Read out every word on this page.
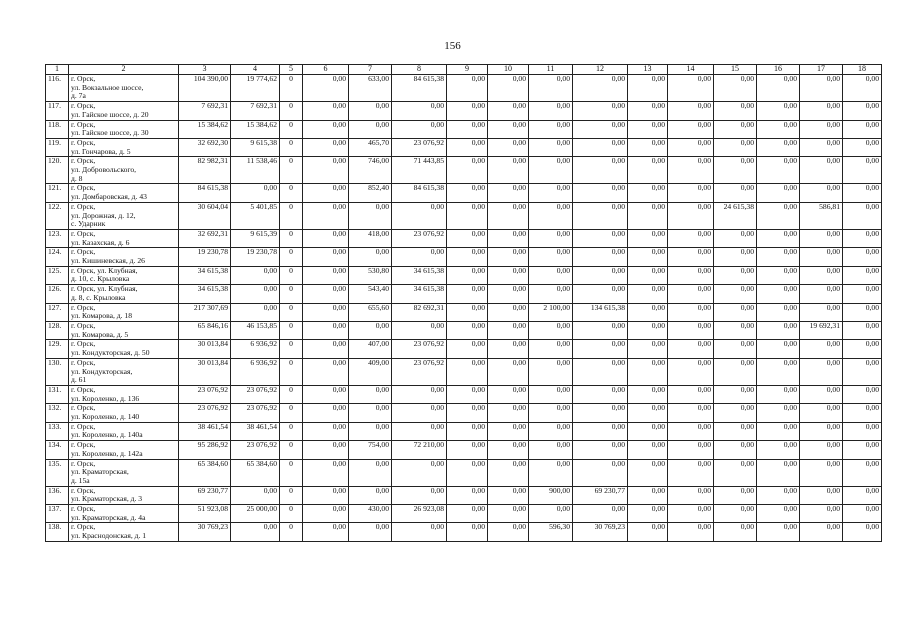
156
1	2	3	4	5	6	7	8	9	10	11	12	13	14	15	16	17	18
116.	г. Орск,
ул. Вокзальное шоссе,
д. 7а	104 390,00	19 774,62	0	0,00	633,00	84 615,38	0,00	0,00	0,00	0,00	0,00	0,00	0,00	0,00	0,00	0,00
117.	г. Орск,
ул. Гайское шоссе, д. 20	7 692,31	7 692,31	0	0,00	0,00	0,00	0,00	0,00	0,00	0,00	0,00	0,00	0,00	0,00	0,00	0,00
118.	г. Орск,
ул. Гайское шоссе, д. 30	15 384,62	15 384,62	0	0,00	0,00	0,00	0,00	0,00	0,00	0,00	0,00	0,00	0,00	0,00	0,00	0,00
119.	г. Орск,
ул. Гончарова, д. 5	32 692,30	9 615,38	0	0,00	465,70	23 076,92	0,00	0,00	0,00	0,00	0,00	0,00	0,00	0,00	0,00	0,00
120.	г. Орск,
ул. Добровольского,
д. 8	82 982,31	11 538,46	0	0,00	746,00	71 443,85	0,00	0,00	0,00	0,00	0,00	0,00	0,00	0,00	0,00	0,00
121.	г. Орск,
ул. Домбаровская, д. 43	84 615,38	0,00	0	0,00	852,40	84 615,38	0,00	0,00	0,00	0,00	0,00	0,00	0,00	0,00	0,00	0,00
122.	г. Орск,
ул. Дорожная, д. 12,
с. Ударник	30 604,04	5 401,85	0	0,00	0,00	0,00	0,00	0,00	0,00	0,00	0,00	0,00	24 615,38	0,00	586,81	0,00
123.	г. Орск,
ул. Казахская, д. 6	32 692,31	9 615,39	0	0,00	418,00	23 076,92	0,00	0,00	0,00	0,00	0,00	0,00	0,00	0,00	0,00	0,00
124.	г. Орск,
ул. Кишиневская, д. 26	19 230,78	19 230,78	0	0,00	0,00	0,00	0,00	0,00	0,00	0,00	0,00	0,00	0,00	0,00	0,00	0,00
125.	г. Орск, ул. Клубная,
д. 10, с. Крыловка	34 615,38	0,00	0	0,00	530,80	34 615,38	0,00	0,00	0,00	0,00	0,00	0,00	0,00	0,00	0,00	0,00
126.	г. Орск, ул. Клубная,
д. 8, с. Крыловка	34 615,38	0,00	0	0,00	543,40	34 615,38	0,00	0,00	0,00	0,00	0,00	0,00	0,00	0,00	0,00	0,00
127.	г. Орск,
ул. Комарова, д. 18	217 307,69	0,00	0	0,00	655,60	82 692,31	0,00	0,00	2 100,00	134 615,38	0,00	0,00	0,00	0,00	0,00	0,00
128.	г. Орск,
ул. Комарова, д. 5	65 846,16	46 153,85	0	0,00	0,00	0,00	0,00	0,00	0,00	0,00	0,00	0,00	0,00	0,00	19 692,31	0,00
129.	г. Орск,
ул. Кондукторская, д. 50	30 013,84	6 936,92	0	0,00	407,00	23 076,92	0,00	0,00	0,00	0,00	0,00	0,00	0,00	0,00	0,00	0,00
130.	г. Орск,
ул. Кондукторская,
д. 61	30 013,84	6 936,92	0	0,00	409,00	23 076,92	0,00	0,00	0,00	0,00	0,00	0,00	0,00	0,00	0,00	0,00
131.	г. Орск,
ул. Короленко, д. 136	23 076,92	23 076,92	0	0,00	0,00	0,00	0,00	0,00	0,00	0,00	0,00	0,00	0,00	0,00	0,00	0,00
132.	г. Орск,
ул. Короленко, д. 140	23 076,92	23 076,92	0	0,00	0,00	0,00	0,00	0,00	0,00	0,00	0,00	0,00	0,00	0,00	0,00	0,00
133.	г. Орск,
ул. Короленко, д. 140а	38 461,54	38 461,54	0	0,00	0,00	0,00	0,00	0,00	0,00	0,00	0,00	0,00	0,00	0,00	0,00	0,00
134.	г. Орск,
ул. Короленко, д. 142а	95 286,92	23 076,92	0	0,00	754,00	72 210,00	0,00	0,00	0,00	0,00	0,00	0,00	0,00	0,00	0,00	0,00
135.	г. Орск,
ул. Краматорская,
д. 15а	65 384,60	65 384,60	0	0,00	0,00	0,00	0,00	0,00	0,00	0,00	0,00	0,00	0,00	0,00	0,00	0,00
136.	г. Орск,
ул. Краматорская, д. 3	69 230,77	0,00	0	0,00	0,00	0,00	0,00	0,00	900,00	69 230,77	0,00	0,00	0,00	0,00	0,00	0,00
137.	г. Орск,
ул. Краматорская, д. 4а	51 923,08	25 000,00	0	0,00	430,00	26 923,08	0,00	0,00	0,00	0,00	0,00	0,00	0,00	0,00	0,00	0,00
138.	г. Орск,
ул. Краснодонская, д. 1	30 769,23	0,00	0	0,00	0,00	0,00	0,00	0,00	596,30	30 769,23	0,00	0,00	0,00	0,00	0,00	0,00
